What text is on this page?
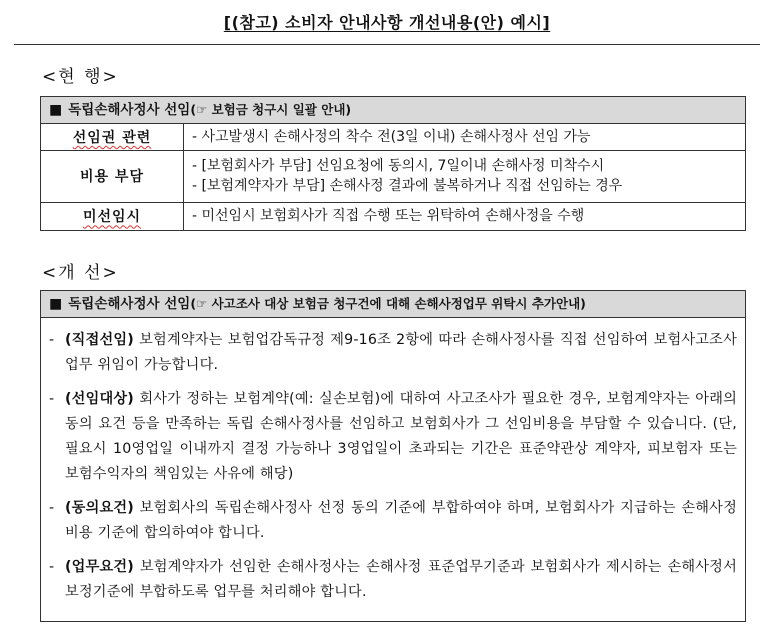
[(참고) 소비자 안내사항 개선내용(안) 예시]
<현 행>
■ 독립손해사정사 선임(☞ 보험금 청구시 일괄 안내)
선임권 관련	- 사고발생시 손해사정의 착수 전(3일 이내) 손해사정사 선임 가능

비용 부담	- [보험회사가 부담] 선임요청에 동의시, 7일이내 손해사정 미착수시
- [보험계약자가 부담] 손해사정 결과에 불복하거나 직접 선임하는 경우

미선임시	- 미선임시 보험회사가 직접 수행 또는 위탁하여 손해사정을 수행
<개 선>
■ 독립손해사정사 선임(☞ 사고조사 대상 보험금 청구건에 대해 손해사정업무 위탁시 추가안내)
- (직접선임) 보험계약자는 보험업감독규정 제9-16조 2항에 따라 손해사정사를 직접 선임하여 보험사고조사 업무 위임이 가능합니다.
- (선임대상) 회사가 정하는 보험계약(예: 실손보험)에 대하여 사고조사가 필요한 경우, 보험계약자는 아래의 동의 요건 등을 만족하는 독립 손해사정사를 선임하고 보험회사가 그 선임비용을 부담할 수 있습니다. (단, 필요시 10영업일 이내까지 결정 가능하나 3영업일이 초과되는 기간은 표준약관상 계약자, 피보험자 또는 보험수익자의 책임있는 사유에 해당)
- (동의요건) 보험회사의 독립손해사정사 선정 동의 기준에 부합하여야 하며, 보험회사가 지급하는 손해사정 비용 기준에 합의하여야 합니다.
- (업무요건) 보험계약자가 선임한 손해사정사는 손해사정 표준업무기준과 보험회사가 제시하는 손해사정서 보정기준에 부합하도록 업무를 처리해야 합니다.
